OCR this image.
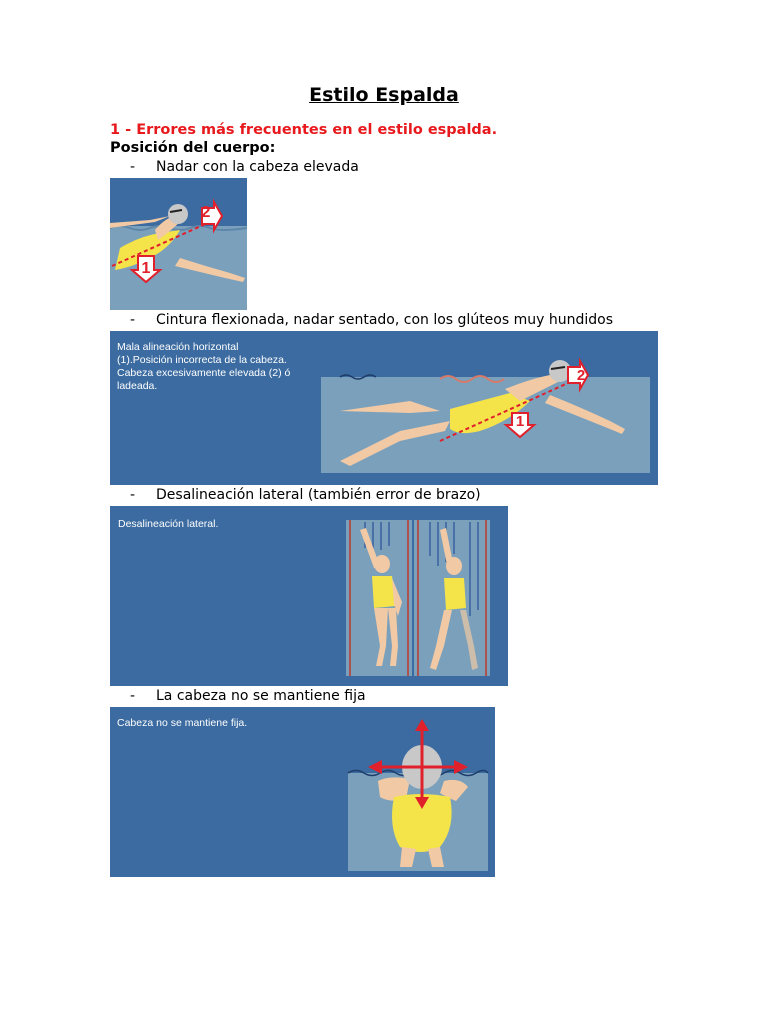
Estilo Espalda
1 - Errores más frecuentes en el estilo espalda.
Posición del cuerpo:
- Nadar con la cabeza elevada
2
1
- Cintura flexionada, nadar sentado, con los glúteos muy hundidos
Mala alineación horizontal
(1).Posición incorrecta de la cabeza.
Cabeza excesivamente elevada (2) ó
ladeada.
2
1
- Desalineación lateral (también error de brazo)
Desalineación lateral.
- La cabeza no se mantiene fija
Cabeza no se mantiene fija.
